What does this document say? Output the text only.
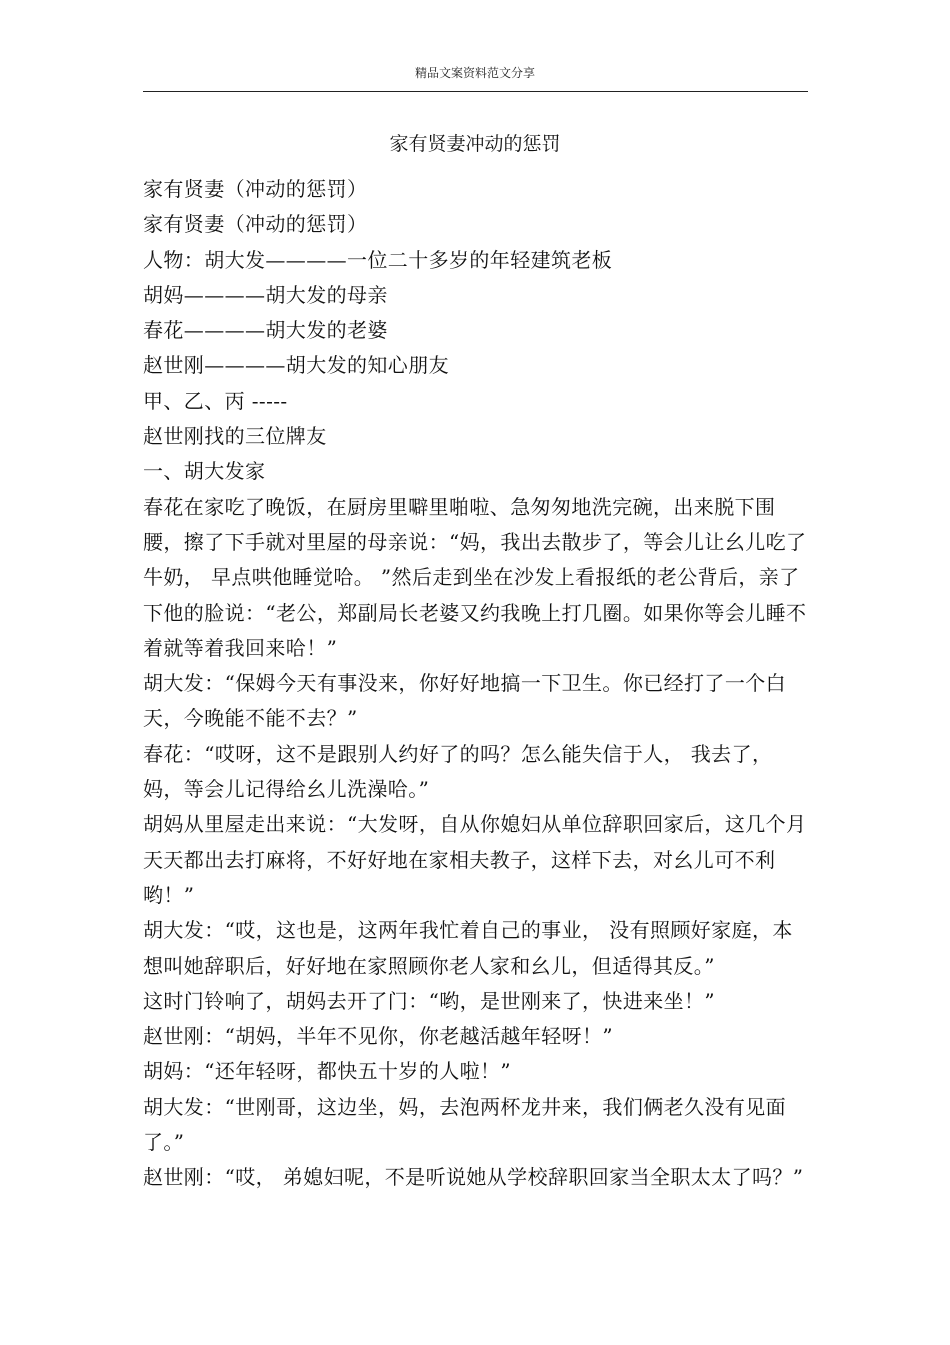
精品文案资料范文分享
家有贤妻冲动的惩罚

家有贤妻（冲动的惩罚）

家有贤妻（冲动的惩罚）

人物：胡大发————一位二十多岁的年轻建筑老板

胡妈————胡大发的母亲

春花————胡大发的老婆

赵世刚————胡大发的知心朋友

甲、乙、丙 -----

赵世刚找的三位牌友

一、胡大发家

春花在家吃了晚饭，在厨房里噼里啪啦、急匆匆地洗完碗，出来脱下围腰，擦了下手就对里屋的母亲说：“妈，我出去散步了，等会儿让幺儿吃了牛奶， 早点哄他睡觉哈。 ”然后走到坐在沙发上看报纸的老公背后，亲了下他的脸说：“老公，郑副局长老婆又约我晚上打几圈。如果你等会儿睡不着就等着我回来哈！”

胡大发：“保姆今天有事没来，你好好地搞一下卫生。你已经打了一个白天，今晚能不能不去？”

春花：“哎呀，这不是跟别人约好了的吗？怎么能失信于人， 我去了，妈，等会儿记得给幺儿洗澡哈。”

胡妈从里屋走出来说：“大发呀，自从你媳妇从单位辞职回家后，这几个月天天都出去打麻将，不好好地在家相夫教子，这样下去，对幺儿可不利哟！”

胡大发：“哎，这也是，这两年我忙着自己的事业， 没有照顾好家庭，本想叫她辞职后，好好地在家照顾你老人家和幺儿，但适得其反。”

这时门铃响了，胡妈去开了门：“哟，是世刚来了，快进来坐！”

赵世刚：“胡妈，半年不见你，你老越活越年轻呀！”

胡妈：“还年轻呀，都快五十岁的人啦！”

胡大发：“世刚哥，这边坐，妈，去泡两杯龙井来，我们俩老久没有见面了。”

赵世刚：“哎， 弟媳妇呢，不是听说她从学校辞职回家当全职太太了吗？”
